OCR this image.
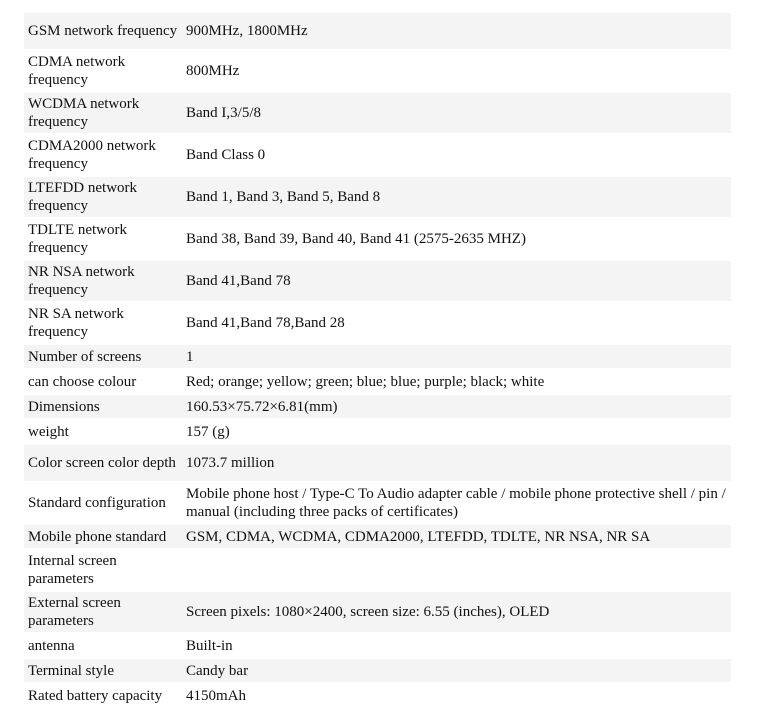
GSM network frequency	900MHz, 1800MHz
CDMA network frequency	800MHz
WCDMA network frequency	Band I,3/5/8
CDMA2000 network frequency	Band Class 0
LTEFDD network frequency	Band 1, Band 3, Band 5, Band 8
TDLTE network frequency	Band 38, Band 39, Band 40, Band 41 (2575-2635 MHZ)
NR NSA network frequency	Band 41,Band 78
NR SA network frequency	Band 41,Band 78,Band 28
Number of screens	1
can choose colour	Red; orange; yellow; green; blue; blue; purple; black; white
Dimensions	160.53×75.72×6.81(mm)
weight	157 (g)
Color screen color depth	1073.7 million
Standard configuration	Mobile phone host / Type-C To Audio adapter cable / mobile phone protective shell / pin / manual (including three packs of certificates)
Mobile phone standard	GSM, CDMA, WCDMA, CDMA2000, LTEFDD, TDLTE, NR NSA, NR SA
Internal screen parameters	
External screen parameters	Screen pixels: 1080×2400, screen size: 6.55 (inches), OLED
antenna	Built-in
Terminal style	Candy bar
Rated battery capacity	4150mAh
